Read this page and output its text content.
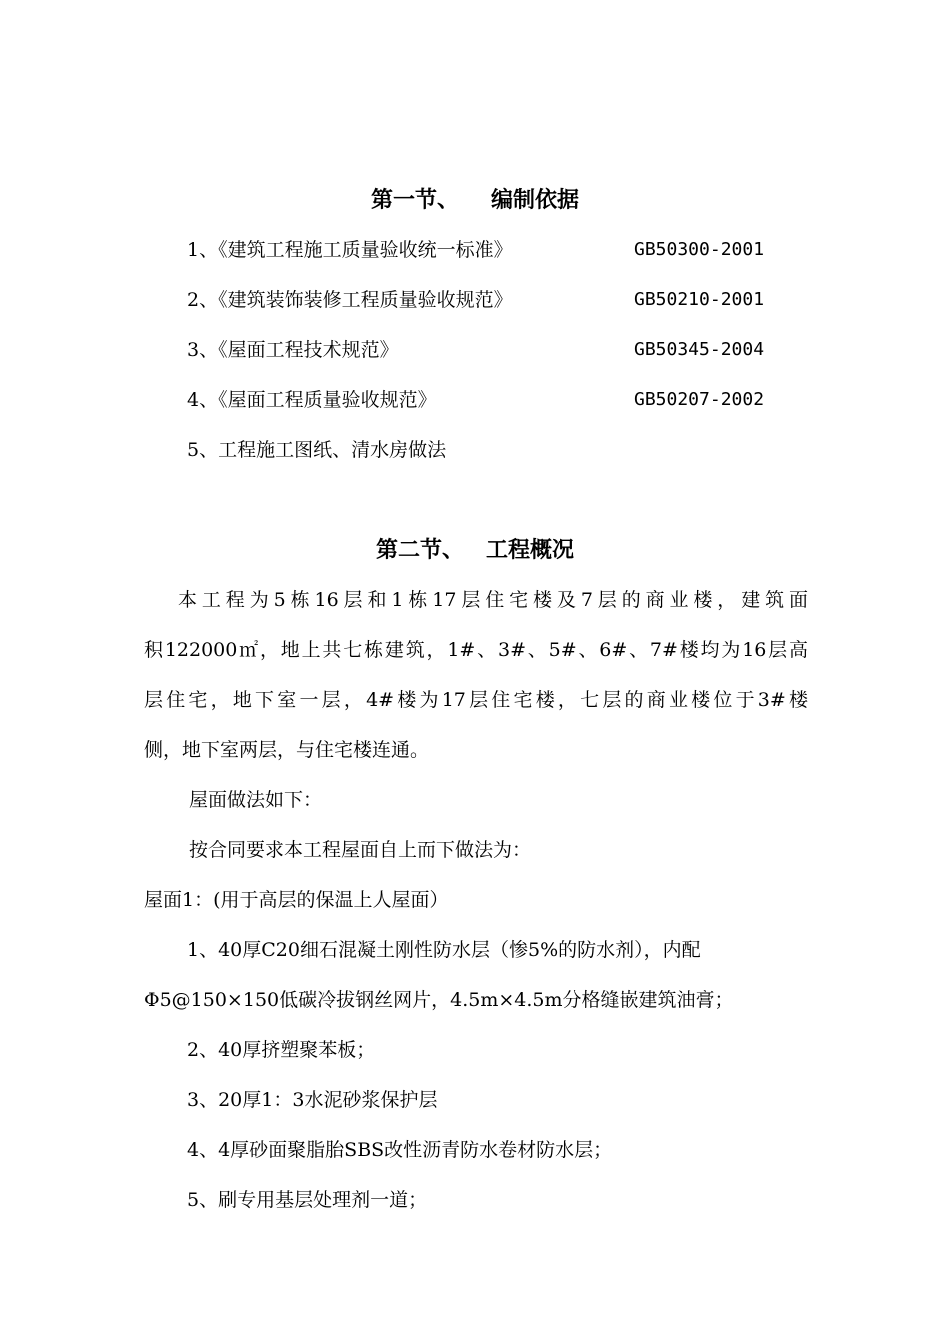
第一节、 编制依据
1、《建筑工程施工质量验收统一标准》	GB50300-2001
2、《建筑装饰装修工程质量验收规范》	GB50210-2001
3、《屋面工程技术规范》	GB50345-2004
4、《屋面工程质量验收规范》	GB50207-2002
5、工程施工图纸、清水房做法
第二节、 工程概况
本工程为5栋16层和1栋17层住宅楼及7层的商业楼，建筑面
积122000㎡，地上共七栋建筑，1#、3#、5#、6#、7#楼均为16层高
层住宅，地下室一层，4#楼为17层住宅楼，七层的商业楼位于3#楼
侧，地下室两层，与住宅楼连通。
屋面做法如下：
按合同要求本工程屋面自上而下做法为：
屋面1：(用于高层的保温上人屋面）
1、40厚C20细石混凝土刚性防水层（惨5%的防水剂），内配
Φ5@150×150低碳冷拔钢丝网片，4.5m×4.5m分格缝嵌建筑油膏；
2、40厚挤塑聚苯板；
3、20厚1：3水泥砂浆保护层
4、4厚砂面聚脂胎SBS改性沥青防水卷材防水层；
5、刷专用基层处理剂一道；
